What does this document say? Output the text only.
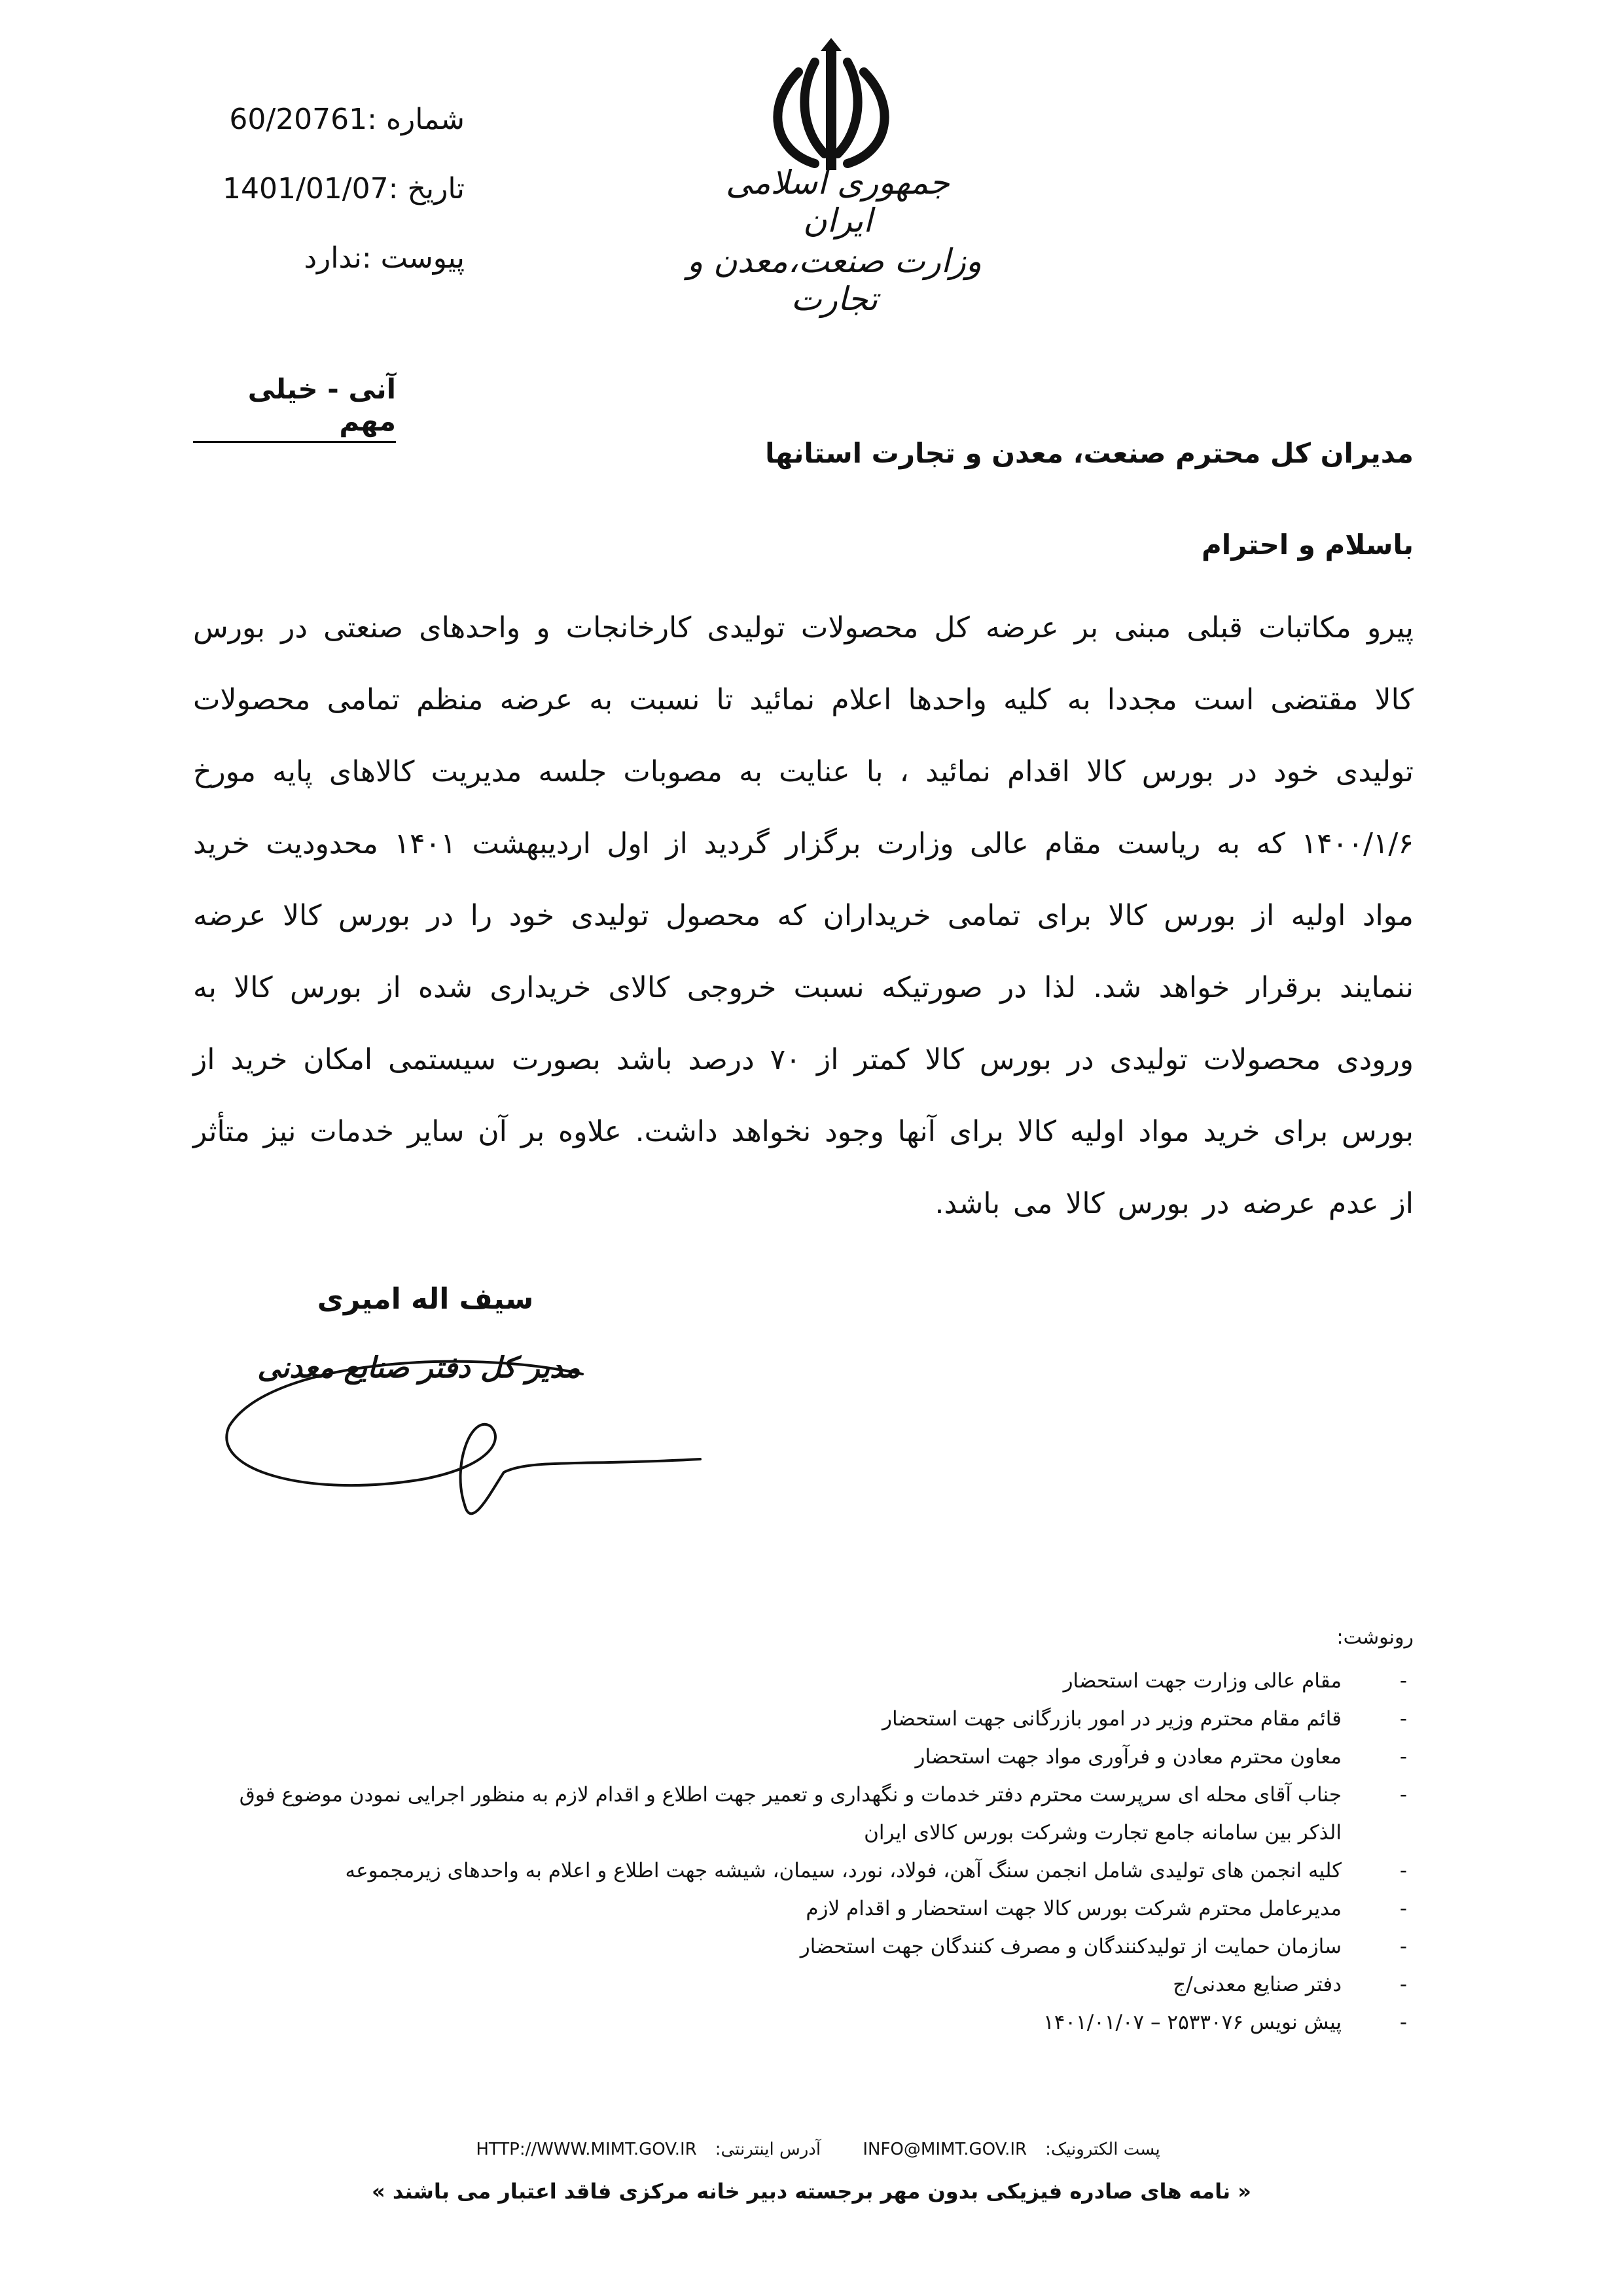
شماره :60/20761
تاریخ :1401/01/07
پیوست :ندارد
جمهوری اسلامی ایران
وزارت صنعت،معدن و تجارت
آنی - خیلی مهم
مدیران کل محترم صنعت، معدن و تجارت استانها
باسلام و احترام
پیرو مکاتبات قبلی مبنی بر عرضه کل محصولات تولیدی کارخانجات و واحدهای صنعتی در بورس کالا مقتضی است مجددا به کلیه واحدها اعلام نمائید تا نسبت به عرضه منظم تمامی محصولات تولیدی خود در بورس کالا اقدام نمائید ، با عنایت به مصوبات جلسه مدیریت کالاهای پایه مورخ ۱۴۰۰/۱/۶ که به ریاست مقام عالی وزارت برگزار گردید از اول اردیبهشت ۱۴۰۱ محدودیت خرید مواد اولیه از بورس کالا برای تمامی خریداران که محصول تولیدی خود را در بورس کالا عرضه ننمایند برقرار خواهد شد. لذا در صورتیکه نسبت خروجی کالای خریداری شده از بورس کالا به ورودی محصولات تولیدی در بورس کالا کمتر از ۷۰ درصد باشد بصورت سیستمی امکان خرید از بورس برای خرید مواد اولیه کالا برای آنها وجود نخواهد داشت. علاوه بر آن سایر خدمات نیز متأثر از عدم عرضه در بورس کالا می باشد.
سیف اله امیری
مدیر کل دفتر صنایع معدنی
رونوشت:
-
مقام عالی وزارت جهت استحضار
-
قائم مقام محترم وزیر در امور بازرگانی جهت استحضار
-
معاون محترم معادن و فرآوری مواد جهت استحضار
-
جناب آقای محله ای سرپرست محترم دفتر خدمات و نگهداری و تعمیر جهت اطلاع و اقدام لازم به منظور اجرایی نمودن موضوع فوق الذکر بین سامانه جامع تجارت وشرکت بورس کالای ایران
-
کلیه انجمن های تولیدی شامل انجمن سنگ آهن، فولاد، نورد، سیمان، شیشه جهت اطلاع و اعلام به واحدهای زیرمجموعه
-
مدیرعامل محترم شرکت بورس کالا جهت استحضار و اقدام لازم
-
سازمان حمایت از تولیدکنندگان و مصرف کنندگان جهت استحضار
-
دفتر صنایع معدنی/ج
-
پیش نویس ۲۵۳۳۰۷۶ – ۱۴۰۱/۰۱/۰۷
آدرس اینترنتی:HTTP://WWW.MIMT.GOV.IR	پست الکترونیک:INFO@MIMT.GOV.IR
« نامه های صادره فیزیکی بدون مهر برجسته دبیر خانه مرکزی فاقد اعتبار می باشند »
